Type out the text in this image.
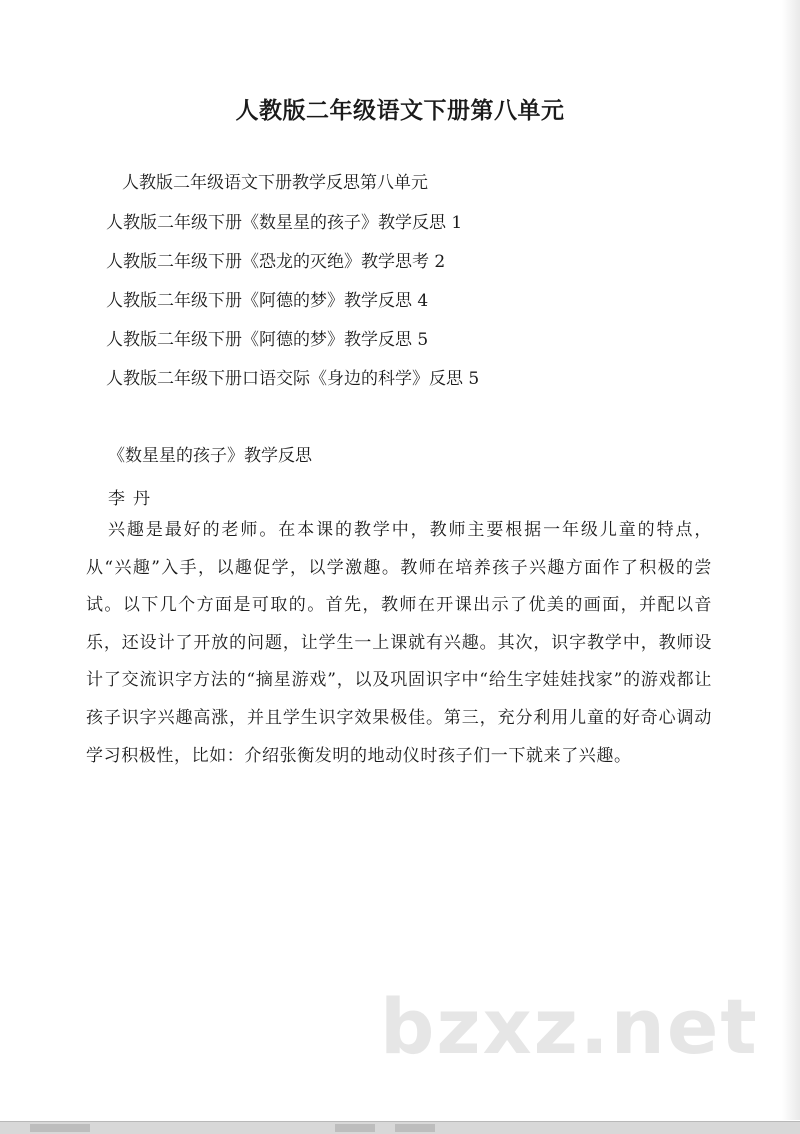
人教版二年级语文下册第八单元
人教版二年级语文下册教学反思第八单元
人教版二年级下册《数星星的孩子》教学反思 1
人教版二年级下册《恐龙的灭绝》教学思考 2
人教版二年级下册《阿德的梦》教学反思 4
人教版二年级下册《阿德的梦》教学反思 5
人教版二年级下册口语交际《身边的科学》反思 5
《数星星的孩子》教学反思
李丹

兴趣是最好的老师。在本课的教学中，教师主要根据一年级儿童的特点，从“兴趣”入手，以趣促学，以学激趣。教师在培养孩子兴趣方面作了积极的尝试。以下几个方面是可取的。首先，教师在开课出示了优美的画面，并配以音乐，还设计了开放的问题，让学生一上课就有兴趣。其次，识字教学中，教师设计了交流识字方法的“摘星游戏”，以及巩固识字中“给生字娃娃找家”的游戏都让孩子识字兴趣高涨，并且学生识字效果极佳。第三，充分利用儿童的好奇心调动学习积极性，比如：介绍张衡发明的地动仪时孩子们一下就来了兴趣。

bzxz.net
